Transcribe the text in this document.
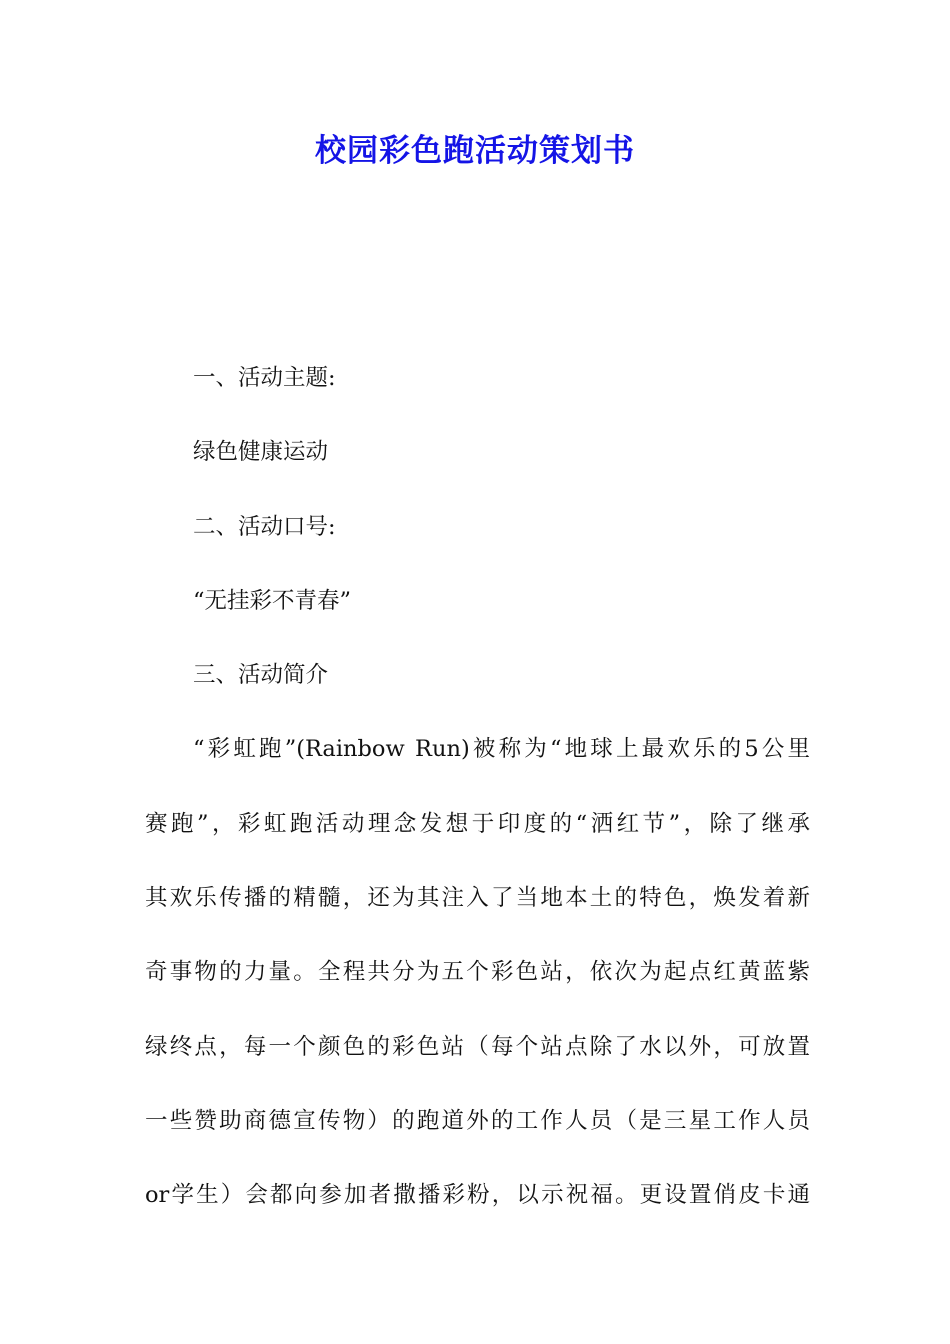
校园彩色跑活动策划书

一、活动主题:

绿色健康运动

二、活动口号:

“无挂彩不青春”

三、活动简介

“彩虹跑”(Rainbow Run)被称为“地球上最欢乐的5公里

赛跑”，彩虹跑活动理念发想于印度的“洒红节”，除了继承

其欢乐传播的精髓，还为其注入了当地本土的特色，焕发着新

奇事物的力量。全程共分为五个彩色站，依次为起点红黄蓝紫

绿终点，每一个颜色的彩色站（每个站点除了水以外，可放置

一些赞助商德宣传物）的跑道外的工作人员（是三星工作人员

or学生）会都向参加者撒播彩粉，以示祝福。更设置俏皮卡通
